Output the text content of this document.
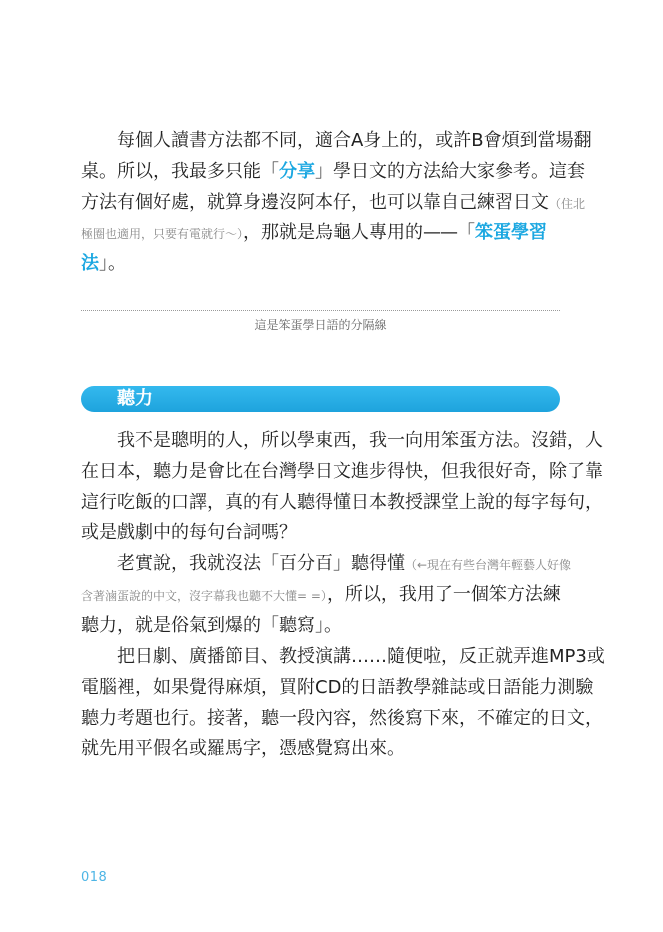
每個人讀書方法都不同，適合A身上的，或許B會煩到當場翻
桌。所以，我最多只能「分享」學日文的方法給大家參考。這套
方法有個好處，就算身邊沒阿本仔，也可以靠自己練習日文（住北
極圈也適用，只要有電就行～），那就是烏龜人專用的——「笨蛋學習
法」。

這是笨蛋學日語的分隔線
聽力

我不是聰明的人，所以學東西，我一向用笨蛋方法。沒錯，人
在日本，聽力是會比在台灣學日文進步得快，但我很好奇，除了靠
這行吃飯的口譯，真的有人聽得懂日本教授課堂上說的每字每句，
或是戲劇中的每句台詞嗎？

老實說，我就沒法「百分百」聽得懂（←現在有些台灣年輕藝人好像
含著滷蛋說的中文，沒字幕我也聽不大懂= =），所以，我用了一個笨方法練
聽力，就是俗氣到爆的「聽寫」。

把日劇、廣播節目、教授演講……隨便啦，反正就弄進MP3或
電腦裡，如果覺得麻煩，買附CD的日語教學雜誌或日語能力測驗
聽力考題也行。接著，聽一段內容，然後寫下來，不確定的日文，
就先用平假名或羅馬字，憑感覺寫出來。

018
